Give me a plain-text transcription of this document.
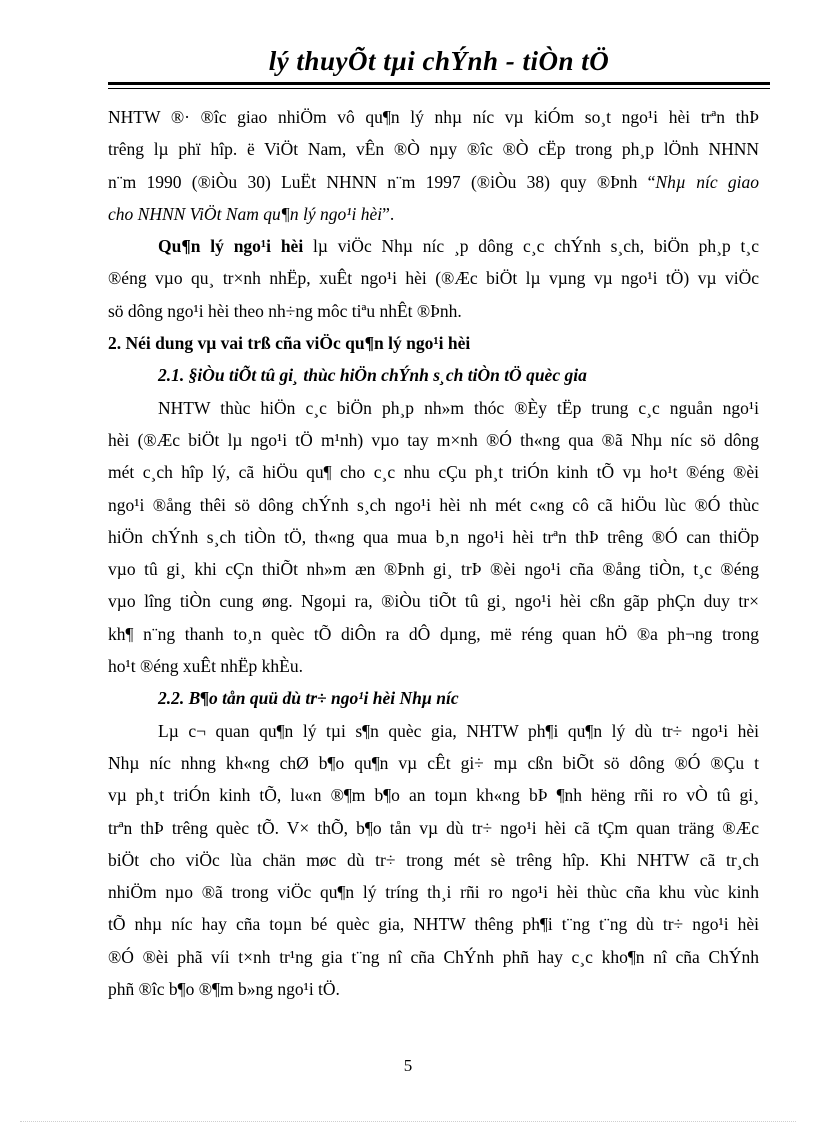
lý thuyÕt tµi chÝnh - tiÒn tÖ
NHTW ®· ®îc giao nhiÖm vô qu¶n lý nhµ níc vµ kiÓm so¸t ngo¹i hèi trªn thÞ
trêng lµ phï hîp. ë ViÖt Nam, vÊn ®Ò nµy ®îc ®Ò cËp trong ph¸p lÖnh NHNN
n¨m 1990 (®iÒu 30) LuËt NHNN n¨m 1997 (®iÒu 38) quy ®Þnh “Nhµ níc giao
cho NHNN ViÖt Nam qu¶n lý ngo¹i hèi”.
Qu¶n lý ngo¹i hèi lµ viÖc Nhµ níc ¸p dông c¸c chÝnh s¸ch, biÖn ph¸p t¸c
®éng vµo qu¸ tr×nh nhËp, xuÊt ngo¹i hèi (®Æc biÖt lµ vµng vµ ngo¹i tÖ) vµ viÖc
sö dông ngo¹i hèi theo nh÷ng môc tiªu nhÊt ®Þnh.
2. Néi dung vµ vai trß cña viÖc qu¶n lý ngo¹i hèi
2.1. §iÒu tiÕt tû gi¸ thùc hiÖn chÝnh s¸ch tiÒn tÖ quèc gia
NHTW thùc hiÖn c¸c biÖn ph¸p nh»m thóc ®Èy tËp trung c¸c nguån ngo¹i
hèi (®Æc biÖt lµ ngo¹i tÖ m¹nh) vµo tay m×nh ®Ó th«ng qua ®ã Nhµ níc sö dông
mét c¸ch hîp lý, cã hiÖu qu¶ cho c¸c nhu cÇu ph¸t triÓn kinh tÕ vµ ho¹t ®éng ®èi
ngo¹i ®ång thêi sö dông chÝnh s¸ch ngo¹i hèi nh mét c«ng cô cã hiÖu lùc ®Ó thùc
hiÖn chÝnh s¸ch tiÒn tÖ, th«ng qua mua b¸n ngo¹i hèi trªn thÞ trêng ®Ó can thiÖp
vµo tû gi¸ khi cÇn thiÕt nh»m æn ®Þnh gi¸ trÞ ®èi ngo¹i cña ®ång tiÒn, t¸c ®éng
vµo lîng tiÒn cung øng. Ngoµi ra, ®iÒu tiÕt tû gi¸ ngo¹i hèi cßn gãp phÇn duy tr×
kh¶ n¨ng thanh to¸n quèc tÕ diÔn ra dÔ dµng, më réng quan hÖ ®a ph¬ng trong
ho¹t ®éng xuÊt nhËp khÈu.
2.2. B¶o tån quü dù tr÷ ngo¹i hèi Nhµ níc
Lµ c¬ quan qu¶n lý tµi s¶n quèc gia, NHTW ph¶i qu¶n lý dù tr÷ ngo¹i hèi
Nhµ níc nhng kh«ng chØ b¶o qu¶n vµ cÊt gi÷ mµ cßn biÕt sö dông ®Ó ®Çu t
vµ ph¸t triÓn kinh tÕ, lu«n ®¶m b¶o an toµn kh«ng bÞ ¶nh hëng rñi ro vÒ tû gi¸
trªn thÞ trêng quèc tÕ. V× thÕ, b¶o tån vµ dù tr÷ ngo¹i hèi cã tÇm quan träng ®Æc
biÖt cho viÖc lùa chän møc dù tr÷ trong mét sè trêng hîp. Khi NHTW cã tr¸ch
nhiÖm nµo ®ã trong viÖc qu¶n lý tríng th¸i rñi ro ngo¹i hèi thùc cña khu vùc kinh
tÕ nhµ níc hay cña toµn bé quèc gia, NHTW thêng ph¶i t¨ng t¨ng dù tr÷ ngo¹i hèi
®Ó ®èi phã víi t×nh tr¹ng gia t¨ng nî cña ChÝnh phñ hay c¸c kho¶n nî cña ChÝnh
phñ ®îc b¶o ®¶m b»ng ngo¹i tÖ.
5
